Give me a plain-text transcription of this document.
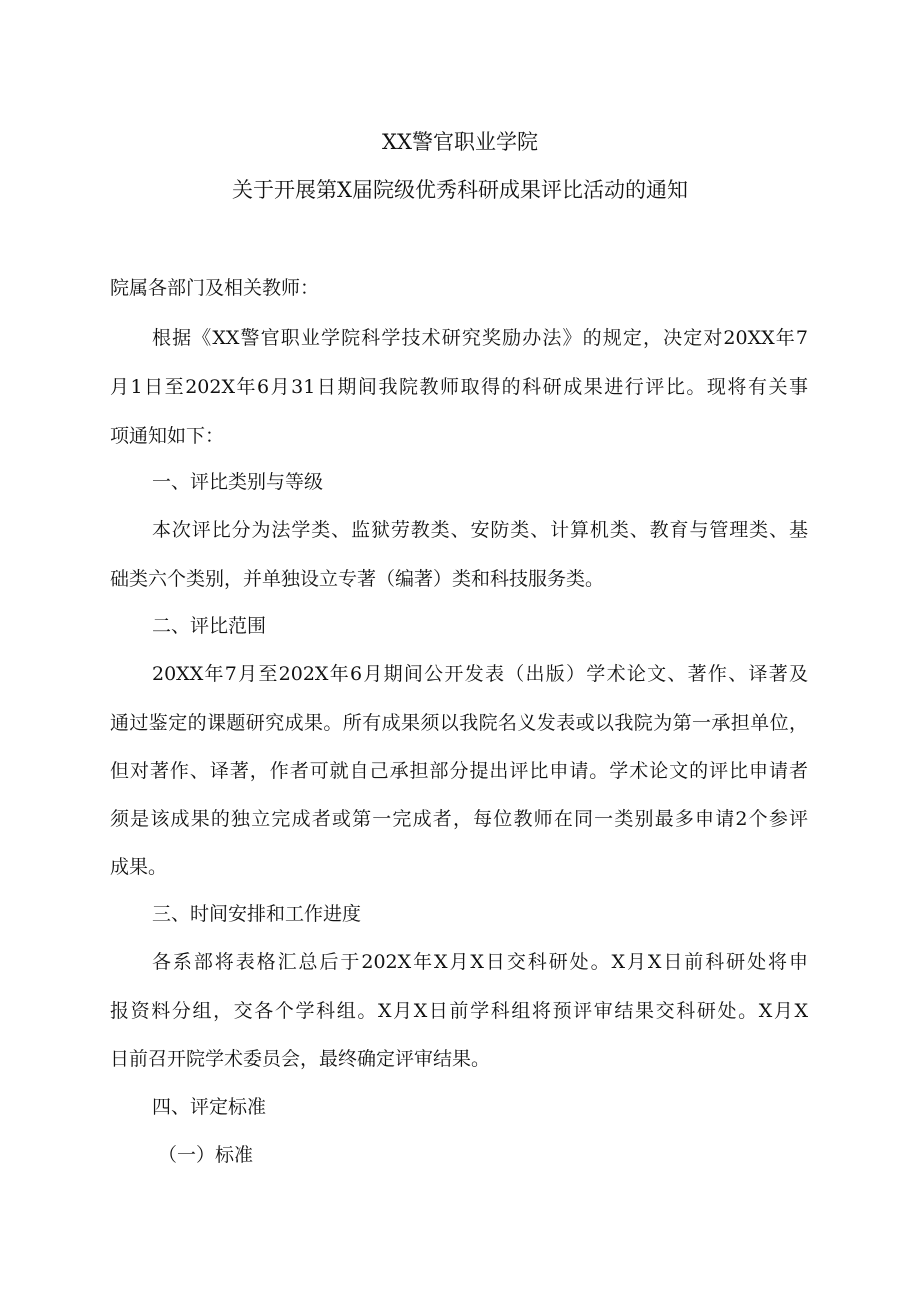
XX警官职业学院
关于开展第X届院级优秀科研成果评比活动的通知
院属各部门及相关教师：
根据《XX警官职业学院科学技术研究奖励办法》的规定，决定对20XX年7
月1日至202X年6月31日期间我院教师取得的科研成果进行评比。现将有关事
项通知如下：
一、评比类别与等级
本次评比分为法学类、监狱劳教类、安防类、计算机类、教育与管理类、基
础类六个类别，并单独设立专著（编著）类和科技服务类。
二、评比范围
20XX年7月至202X年6月期间公开发表（出版）学术论文、著作、译著及
通过鉴定的课题研究成果。所有成果须以我院名义发表或以我院为第一承担单位，
但对著作、译著，作者可就自己承担部分提出评比申请。学术论文的评比申请者
须是该成果的独立完成者或第一完成者，每位教师在同一类别最多申请2个参评
成果。
三、时间安排和工作进度
各系部将表格汇总后于202X年X月X日交科研处。X月X日前科研处将申
报资料分组，交各个学科组。X月X日前学科组将预评审结果交科研处。X月X
日前召开院学术委员会，最终确定评审结果。
四、评定标准
（一）标准
